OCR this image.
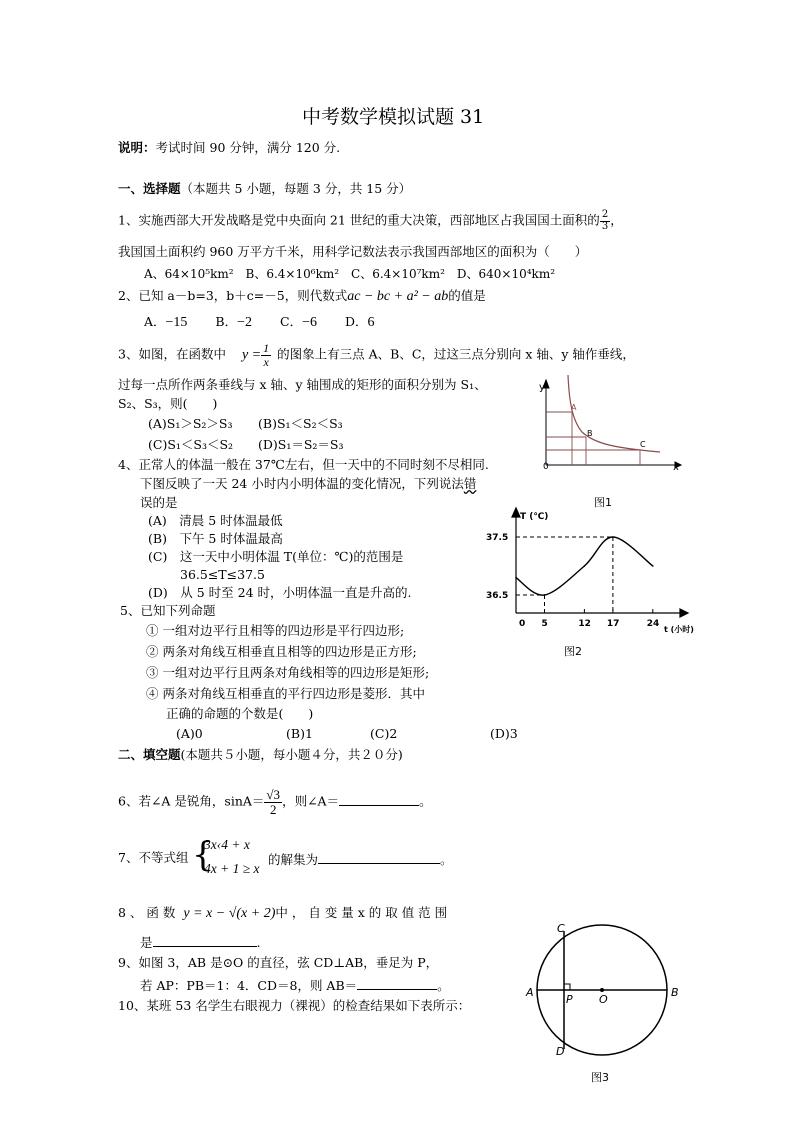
中考数学模拟试题 31
说明：考试时间 90 分钟，满分 120 分.
一、选择题（本题共 5 小题，每题 3 分，共 15 分）
1、实施西部大开发战略是党中央面向 21 世纪的重大决策，西部地区占我国国土面积的 $\frac{2}{3}$ ，
我国国土面积约 960 万平方千米，用科学记数法表示我国西部地区的面积为（　　）
A、64×10⁵km²　B、6.4×10⁶km²　C、6.4×10⁷km²　D、640×10⁴km²
2、已知 a－b=3，b＋c=－5，则代数式ac − bc + a² − ab的值是
A．−15 B．−2 C．−6 D．6
3、如图，在函数中 $y = \frac{1}{x}$ 的图象上有三点 A、B、C，过这三点分别向 x 轴、y 轴作垂线，
过每一点所作两条垂线与 x 轴、y 轴围成的矩形的面积分别为 S₁、
S₂、S₃，则(　　)
(A)S₁＞S₂＞S₃ (B)S₁＜S₂＜S₃
(C)S₁＜S₃＜S₂ (D)S₁＝S₂＝S₃
4、正常人的体温一般在 37℃左右，但一天中的不同时刻不尽相同.
下图反映了一天 24 小时内小明体温的变化情况，下列说法错
误的是
(A)　清晨 5 时体温最低
(B)　下午 5 时体温最高
(C)　这一天中小明体温 T(单位：℃)的范围是
36.5≤T≤37.5
(D)　从 5 时至 24 时，小明体温一直是升高的.
5、已知下列命题
① 一组对边平行且相等的四边形是平行四边形;
② 两条对角线互相垂直且相等的四边形是正方形;
③ 一组对边平行且两条对角线相等的四边形是矩形;
④ 两条对角线互相垂直的平行四边形是菱形．其中
正确的命题的个数是(　　)
(A)0	(B)1	(C)2	(D)3
二、填空题(本题共５小题，每小题４分，共２０分)
6、若∠A 是锐角，$\sin A= \frac{√3}{2}$ ，则∠A＝	。
7、不等式组 {
3x‹4 + x
4x + 1 ≥ x
的解集为	。
8 、 函 数 y = x − √(x + 2)中 ， 自 变 量 x 的 取 值 范 围
是	.
9、如图 3，AB 是⊙O 的直径，弦 CD⊥AB，垂足为 P，
若 AP：PB＝1：4．CD＝8，则 AB＝	。
10、某班 53 名学生右眼视力（裸视）的检查结果如下表所示：
y
x
0
A
B
C
图1
37.5
36.5
5	12 17	24
T (℃)
t (小时)
0
图2
A	B
C
D
P O
图3
